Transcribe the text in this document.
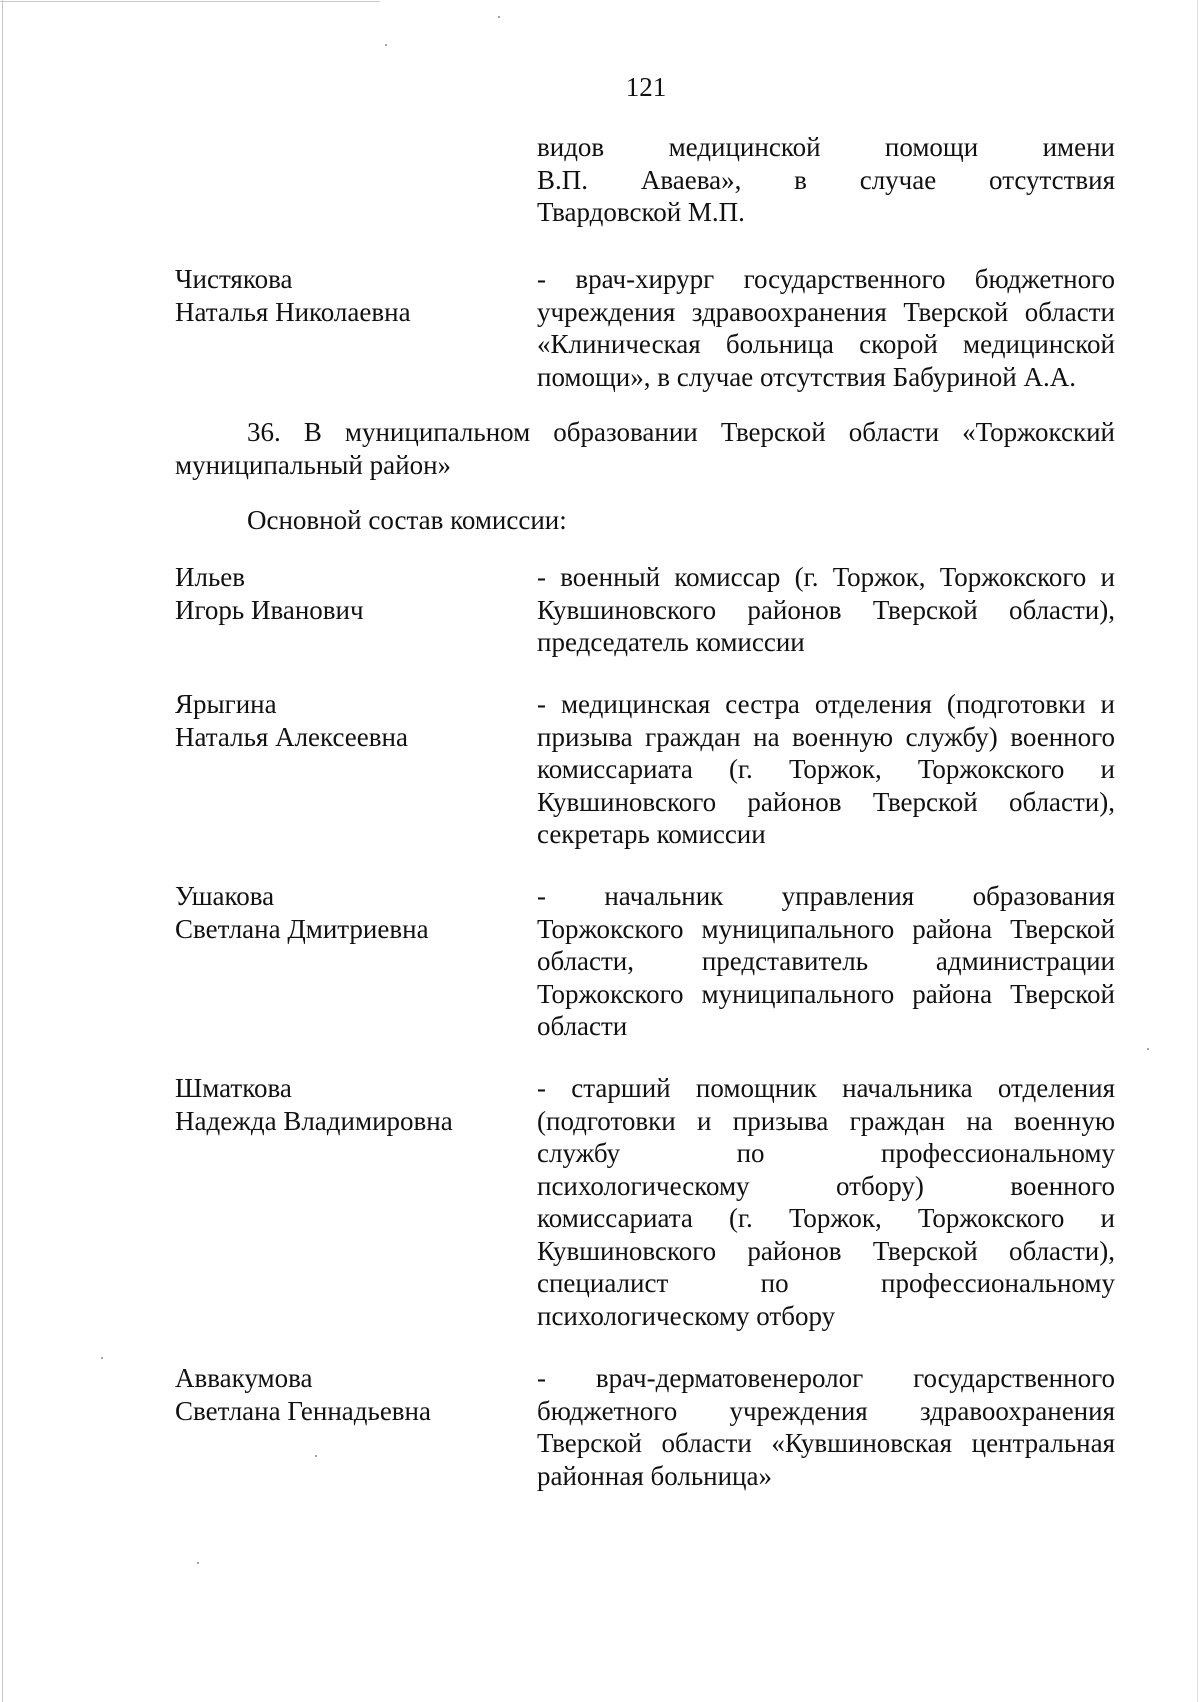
121
видов медицинской помощи имени
В.П. Аваева», в случае отсутствия
Твардовской М.П.
Чистякова
Наталья Николаевна
- врач-хирург государственного бюджетного
учреждения здравоохранения Тверской области
«Клиническая больница скорой медицинской
помощи», в случае отсутствия Бабуриной А.А.
36. В муниципальном образовании Тверской области «Торжокский
муниципальный район»
Основной состав комиссии:
Ильев
Игорь Иванович
- военный комиссар (г. Торжок, Торжокского и
Кувшиновского районов Тверской области),
председатель комиссии
Ярыгина
Наталья Алексеевна
- медицинская сестра отделения (подготовки и
призыва граждан на военную службу) военного
комиссариата (г. Торжок, Торжокского и
Кувшиновского районов Тверской области),
секретарь комиссии
Ушакова
Светлана Дмитриевна
- начальник управления образования
Торжокского муниципального района Тверской
области, представитель администрации
Торжокского муниципального района Тверской
области
Шматкова
Надежда Владимировна
- старший помощник начальника отделения
(подготовки и призыва граждан на военную
службу по профессиональному
психологическому отбору) военного
комиссариата (г. Торжок, Торжокского и
Кувшиновского районов Тверской области),
специалист по профессиональному
психологическому отбору
Аввакумова
Светлана Геннадьевна
- врач-дерматовенеролог государственного
бюджетного учреждения здравоохранения
Тверской области «Кувшиновская центральная
районная больница»
